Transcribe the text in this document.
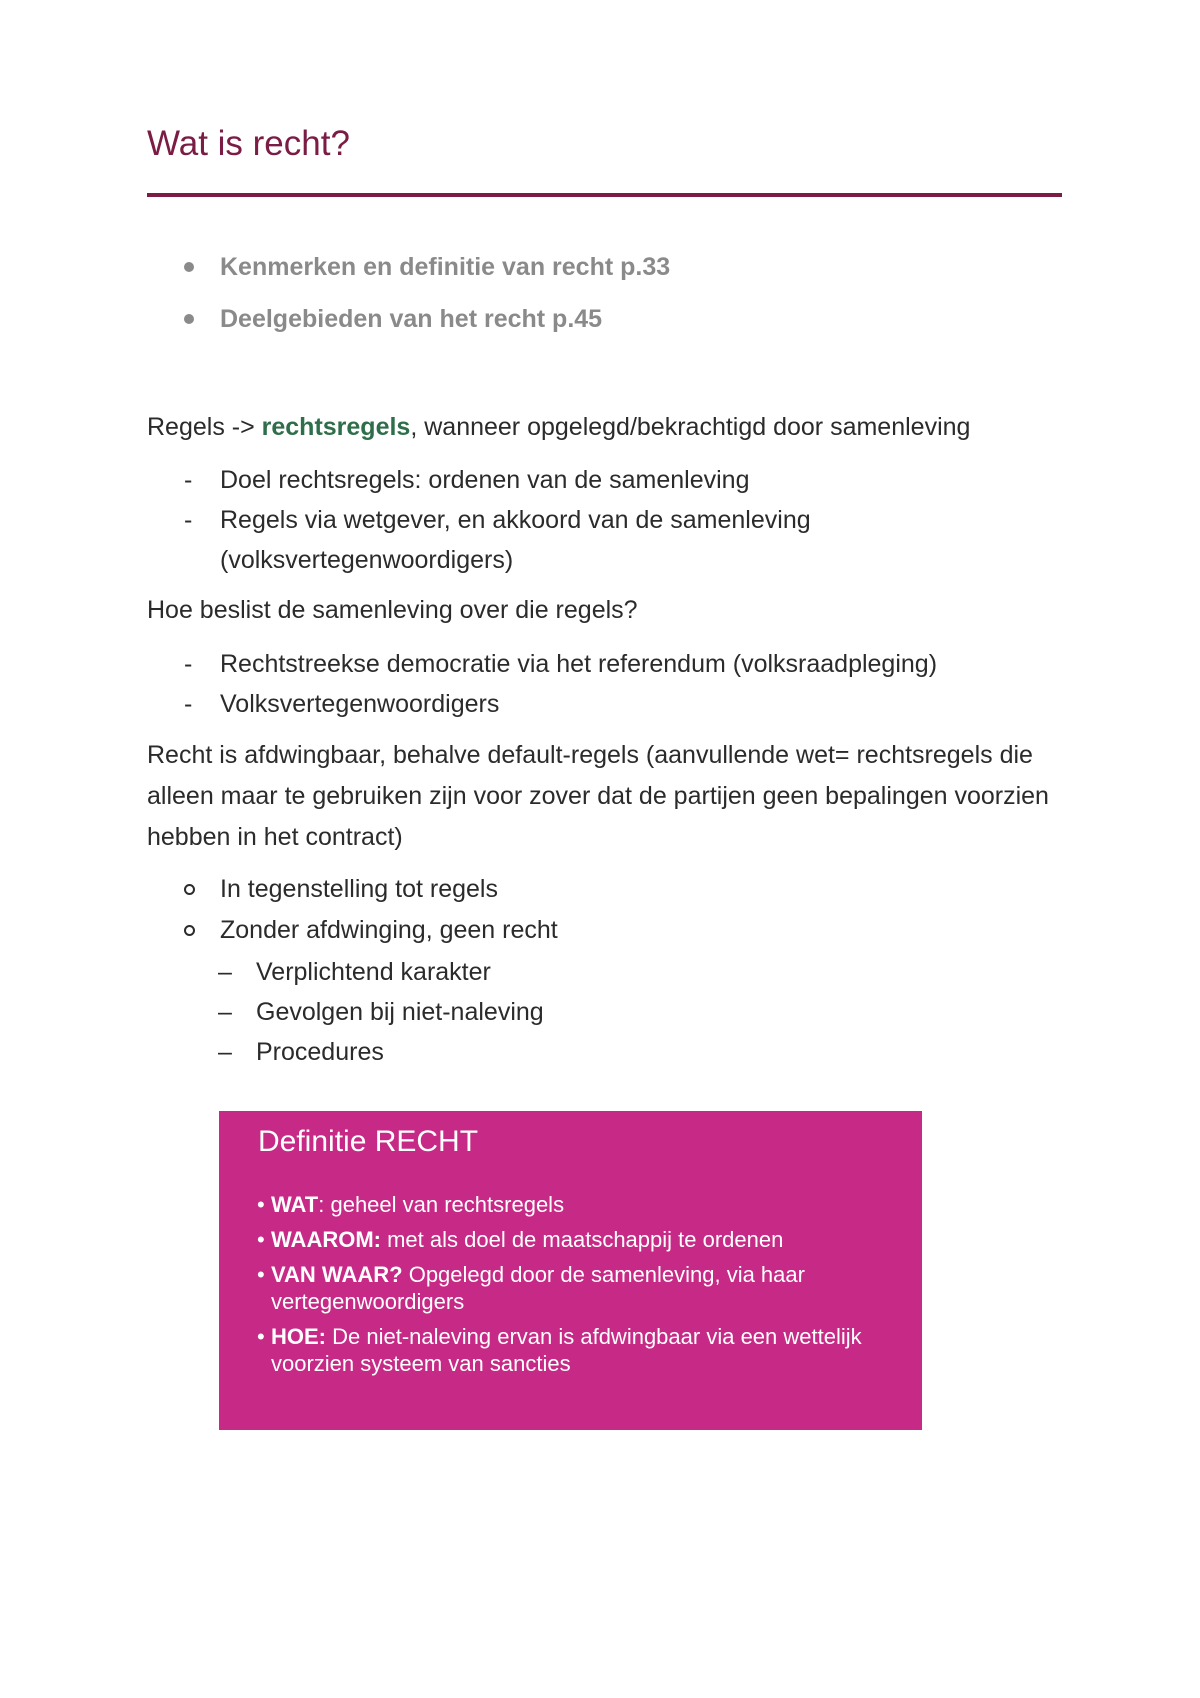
Wat is recht?
Kenmerken en definitie van recht p.33
Deelgebieden van het recht p.45

Regels -> rechtsregels, wanneer opgelegd/bekrachtigd door samenleving

- Doel rechtsregels: ordenen van de samenleving
- Regels via wetgever, en akkoord van de samenleving (volksvertegenwoordigers)

Hoe beslist de samenleving over die regels?

- Rechtstreekse democratie via het referendum (volksraadpleging)
- Volksvertegenwoordigers

Recht is afdwingbaar, behalve default-regels (aanvullende wet= rechtsregels die alleen maar te gebruiken zijn voor zover dat de partijen geen bepalingen voorzien hebben in het contract)

In tegenstelling tot regels
Zonder afdwinging, geen recht
– Verplichtend karakter
– Gevolgen bij niet-naleving
– Procedures
Definitie RECHT
• WAT: geheel van rechtsregels
• WAAROM: met als doel de maatschappij te ordenen
• VAN WAAR? Opgelegd door de samenleving, via haar vertegenwoordigers
• HOE: De niet-naleving ervan is afdwingbaar via een wettelijk voorzien systeem van sancties
